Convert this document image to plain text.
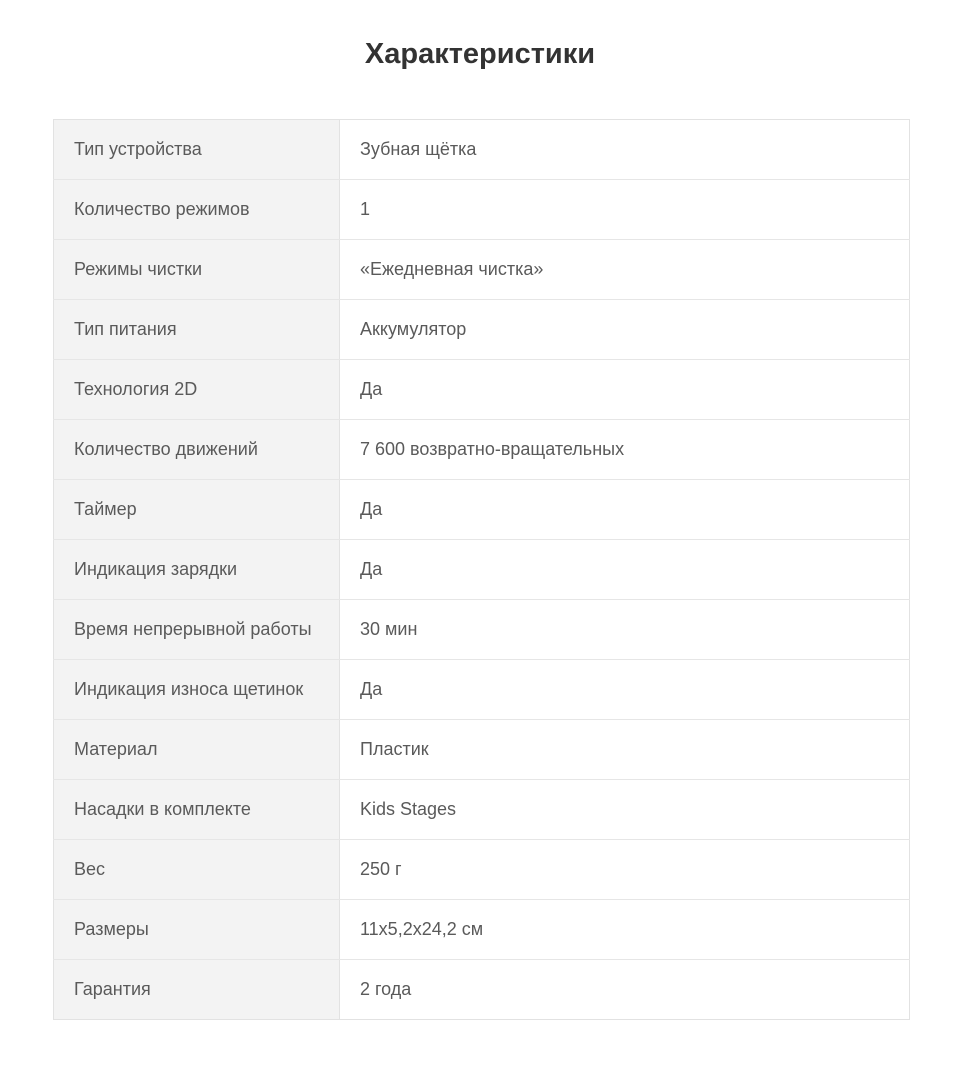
Характеристики
Тип устройства	Зубная щётка
Количество режимов	1
Режимы чистки	«Ежедневная чистка»
Тип питания	Аккумулятор
Технология 2D	Да
Количество движений	7 600 возвратно-вращательных
Таймер	Да
Индикация зарядки	Да
Время непрерывной работы	30 мин
Индикация износа щетинок	Да
Материал	Пластик
Насадки в комплекте	Kids Stages
Вес	250 г
Размеры	11x5,2x24,2 см
Гарантия	2 года
